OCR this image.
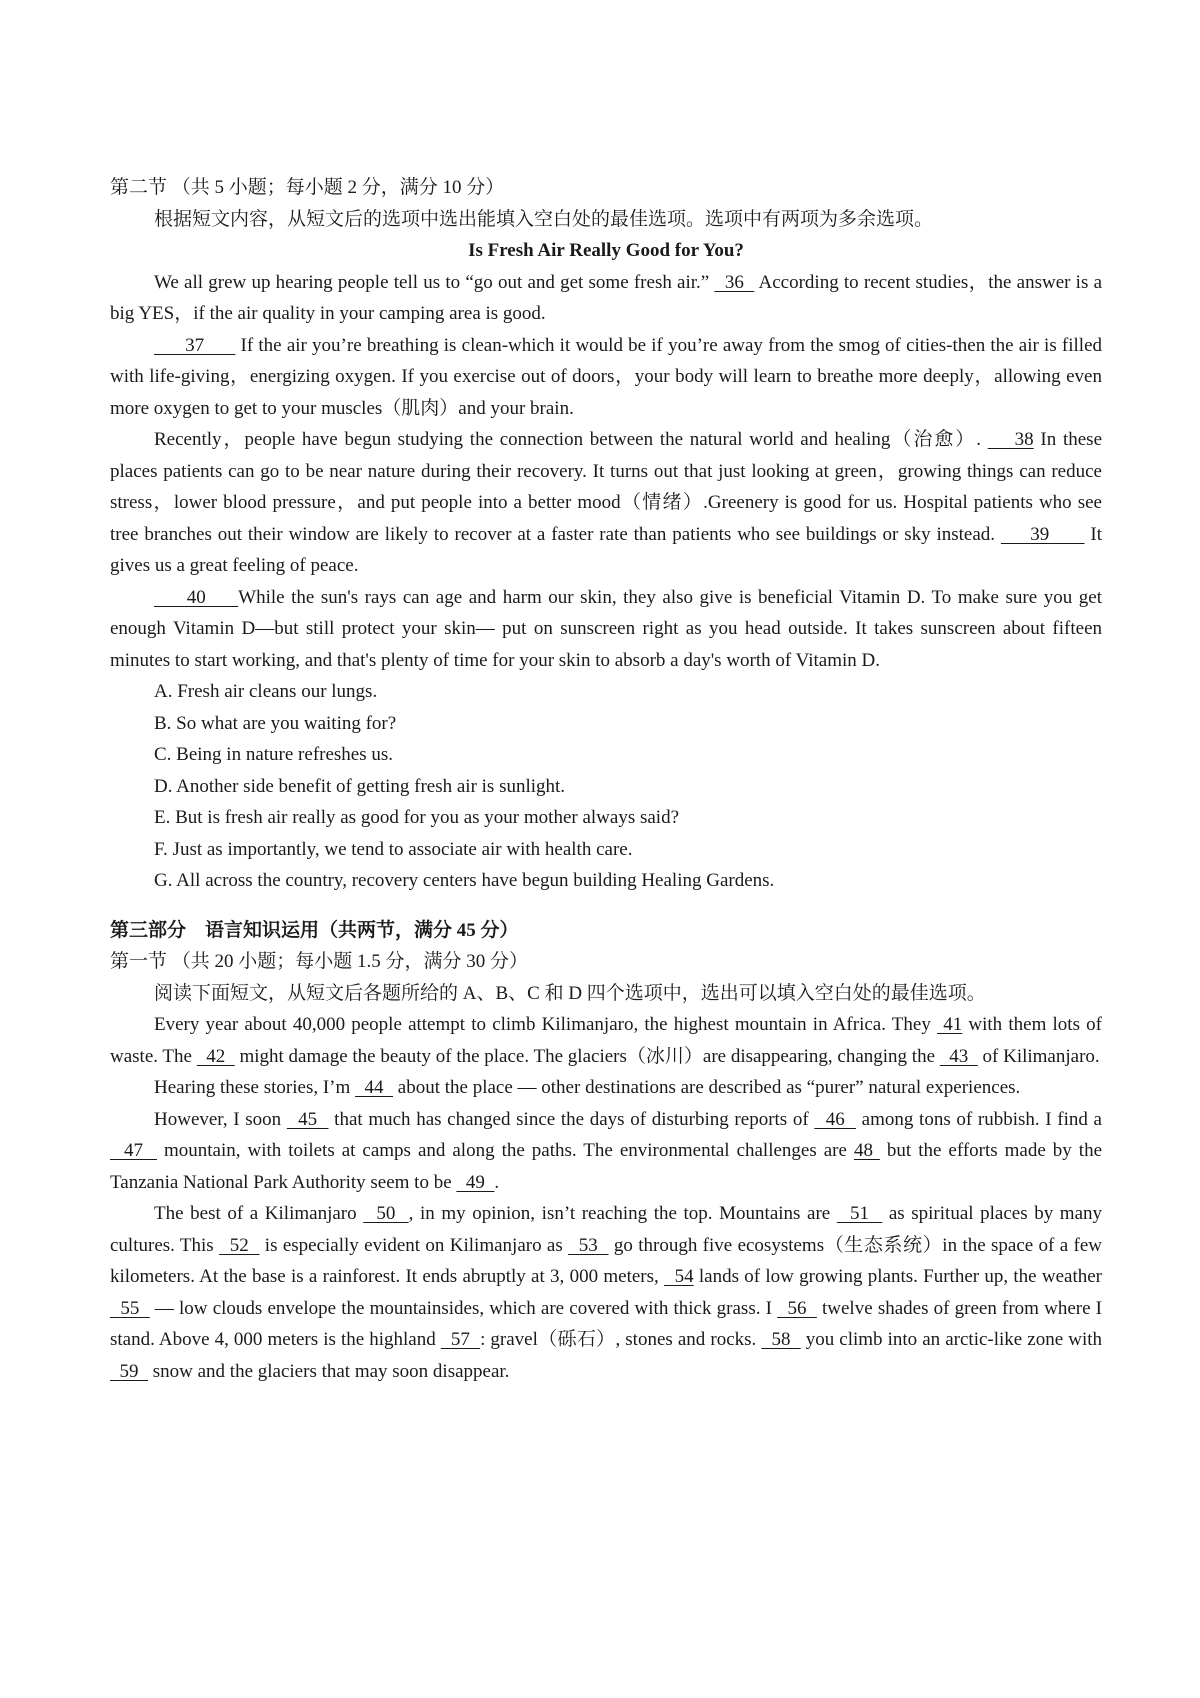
第二节 （共 5 小题；每小题 2 分，满分 10 分）

根据短文内容，从短文后的选项中选出能填入空白处的最佳选项。选项中有两项为多余选项。

Is Fresh Air Really Good for You?

We all grew up hearing people tell us to “go out and get some fresh air.”   36   According to recent studies，the answer is a big YES，if the air quality in your camping area is good.

37       If the air you’re breathing is clean-which it would be if you’re away from the smog of cities-then the air is filled with life-giving，energizing oxygen. If you exercise out of doors，your body will learn to breathe more deeply，allowing even more oxygen to get to your muscles（肌肉）and your brain.

Recently，people have begun studying the connection between the natural world and healing（治愈）.     38 In these places patients can go to be near nature during their recovery. It turns out that just looking at green，growing things can reduce stress，lower blood pressure，and put people into a better mood（情绪）.Greenery is good for us. Hospital patients who see tree branches out their window are likely to recover at a faster rate than patients who see buildings or sky instead.      39       It gives us a great feeling of peace.

40     While the sun's rays can age and harm our skin, they also give is beneficial Vitamin D. To make sure you get enough Vitamin D—but still protect your skin— put on sunscreen right as you head outside. It takes sunscreen about fifteen minutes to start working, and that's plenty of time for your skin to absorb a day's worth of Vitamin D.

A. Fresh air cleans our lungs.

B. So what are you waiting for?

C. Being in nature refreshes us.

D. Another side benefit of getting fresh air is sunlight.

E. But is fresh air really as good for you as your mother always said?

F. Just as importantly, we tend to associate air with health care.

G. All across the country, recovery centers have begun building Healing Gardens.

第三部分　语言知识运用（共两节，满分 45 分）

第一节 （共 20 小题；每小题 1.5 分，满分 30 分）

阅读下面短文，从短文后各题所给的 A、B、C 和 D 四个选项中，选出可以填入空白处的最佳选项。

Every year about 40,000 people attempt to climb Kilimanjaro, the highest mountain in Africa. They  41 with them lots of waste. The   42   might damage the beauty of the place. The glaciers（冰川）are disappearing, changing the   43   of Kilimanjaro.

Hearing these stories, I’m   44   about the place — other destinations are described as “purer” natural experiences.

However, I soon   45   that much has changed since the days of disturbing reports of   46   among tons of rubbish. I find a   47   mountain, with toilets at camps and along the paths. The environmental challenges are 48  but the efforts made by the Tanzania National Park Authority seem to be   49  .

The best of a Kilimanjaro   50  , in my opinion, isn’t reaching the top. Mountains are   51   as spiritual places by many cultures. This   52   is especially evident on Kilimanjaro as   53   go through five ecosystems（生态系统）in the space of a few kilometers. At the base is a rainforest. It ends abruptly at 3, 000 meters,   54 lands of low growing plants. Further up, the weather   55   — low clouds envelope the mountainsides, which are covered with thick grass. I   56   twelve shades of green from where I stand. Above 4, 000 meters is the highland   57  : gravel（砾石）, stones and rocks.   58   you climb into an arctic-like zone with   59   snow and the glaciers that may soon disappear.
